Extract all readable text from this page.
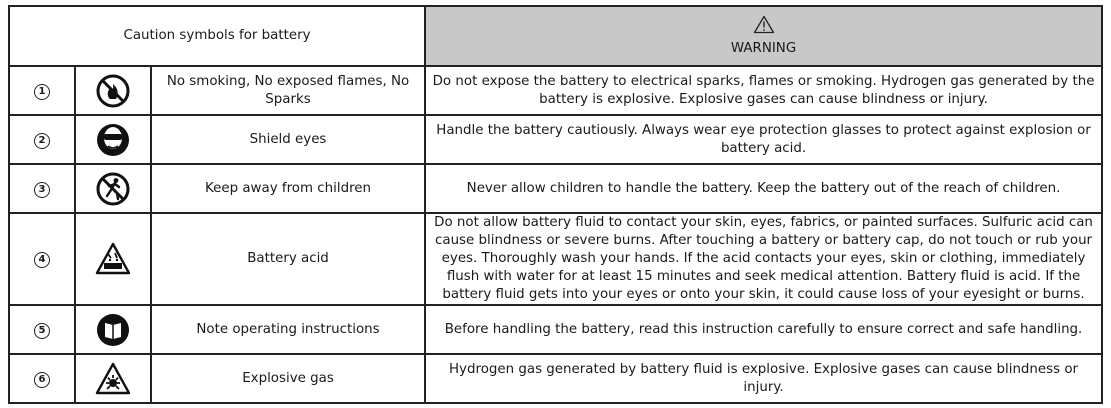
Caution symbols for battery			WARNING
1		No smoking, No exposed flames, No Sparks	Do not expose the battery to electrical sparks, flames or smoking. Hydrogen gas generated by the battery is explosive. Explosive gases can cause blindness or injury.
2		Shield eyes	Handle the battery cautiously. Always wear eye protection glasses to protect against explosion or battery acid.
3		Keep away from children	Never allow children to handle the battery. Keep the battery out of the reach of children.
4		Battery acid	Do not allow battery fluid to contact your skin, eyes, fabrics, or painted surfaces. Sulfuric acid can cause blindness or severe burns. After touching a battery or battery cap, do not touch or rub your eyes. Thoroughly wash your hands. If the acid contacts your eyes, skin or clothing, immediately flush with water for at least 15 minutes and seek medical attention. Battery fluid is acid. If the battery fluid gets into your eyes or onto your skin, it could cause loss of your eyesight or burns.
5		Note operating instructions	Before handling the battery, read this instruction carefully to ensure correct and safe handling.
6		Explosive gas	Hydrogen gas generated by battery fluid is explosive. Explosive gases can cause blindness or injury.
